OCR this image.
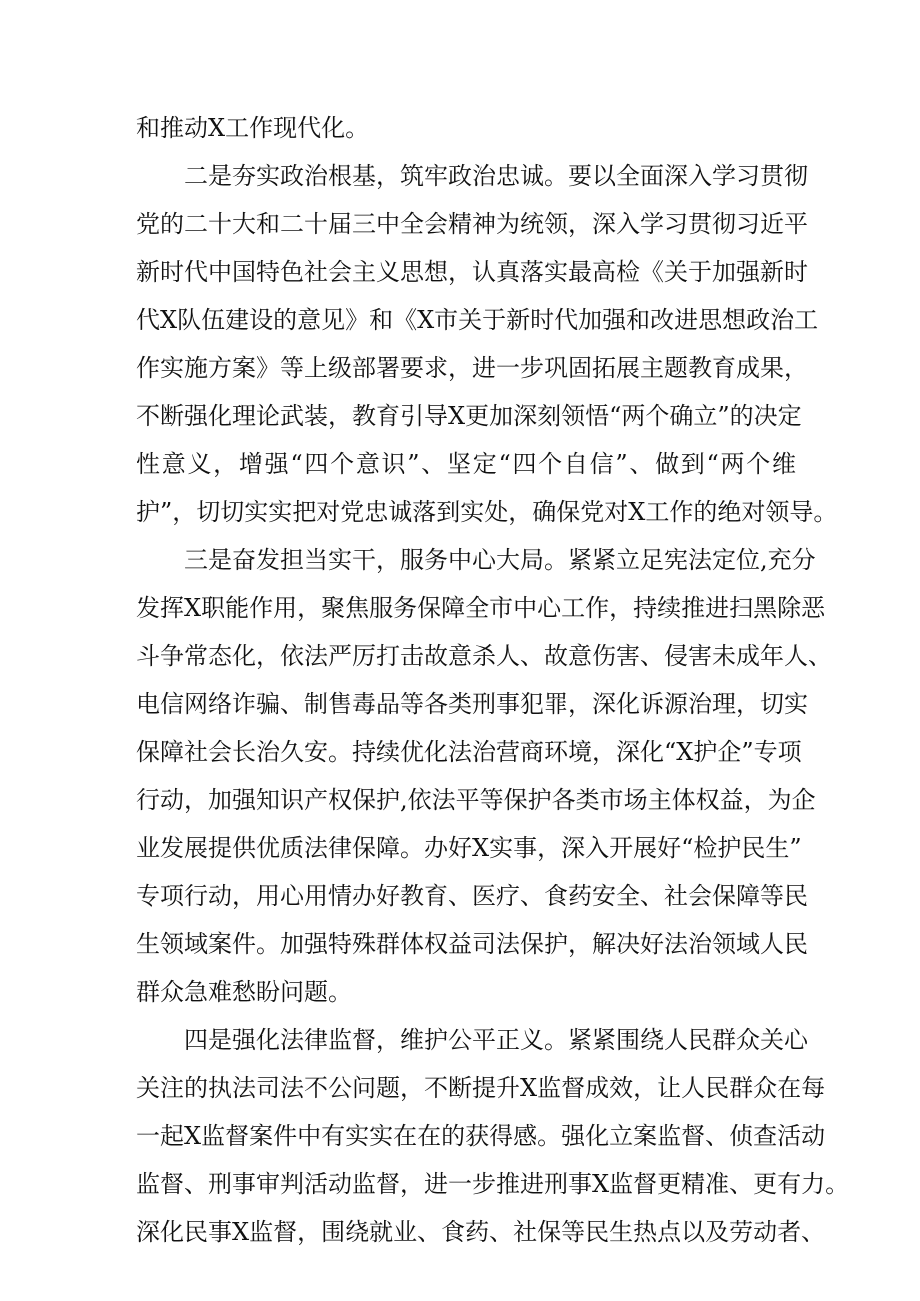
和推动X工作现代化。
二是夯实政治根基，筑牢政治忠诚。要以全面深入学习贯彻
党的二十大和二十届三中全会精神为统领，深入学习贯彻习近平
新时代中国特色社会主义思想，认真落实最高检《关于加强新时
代X队伍建设的意见》和《X市关于新时代加强和改进思想政治工
作实施方案》等上级部署要求，进一步巩固拓展主题教育成果，
不断强化理论武装，教育引导X更加深刻领悟“两个确立”的决定
性意义，增强“四个意识”、坚定“四个自信”、做到“两个维
护”，切切实实把对党忠诚落到实处，确保党对X工作的绝对领导。
三是奋发担当实干，服务中心大局。紧紧立足宪法定位,充分
发挥X职能作用，聚焦服务保障全市中心工作，持续推进扫黑除恶
斗争常态化，依法严厉打击故意杀人、故意伤害、侵害未成年人、
电信网络诈骗、制售毒品等各类刑事犯罪，深化诉源治理，切实
保障社会长治久安。持续优化法治营商环境，深化“X护企”专项
行动，加强知识产权保护,依法平等保护各类市场主体权益，为企
业发展提供优质法律保障。办好X实事，深入开展好“检护民生”
专项行动，用心用情办好教育、医疗、食药安全、社会保障等民
生领域案件。加强特殊群体权益司法保护，解决好法治领域人民
群众急难愁盼问题。
四是强化法律监督，维护公平正义。紧紧围绕人民群众关心
关注的执法司法不公问题，不断提升X监督成效，让人民群众在每
一起X监督案件中有实实在在的获得感。强化立案监督、侦查活动
监督、刑事审判活动监督，进一步推进刑事X监督更精准、更有力。
深化民事X监督，围绕就业、食药、社保等民生热点以及劳动者、
